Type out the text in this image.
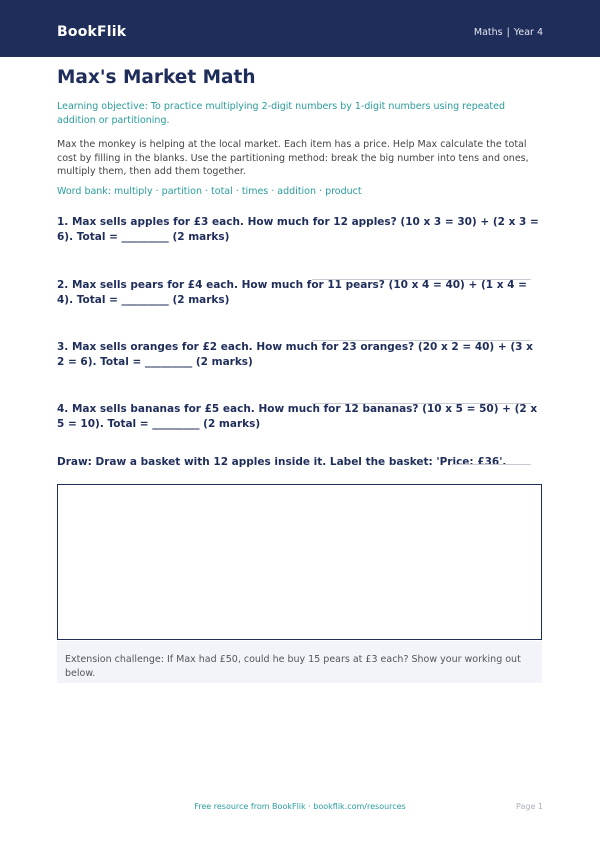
BookFlik	Maths | Year 4
Max's Market Math
Learning objective: To practice multiplying 2-digit numbers by 1-digit numbers using repeated addition or partitioning.
Max the monkey is helping at the local market. Each item has a price. Help Max calculate the total cost by filling in the blanks. Use the partitioning method: break the big number into tens and ones, multiply them, then add them together.
Word bank: multiply · partition · total · times · addition · product
1. Max sells apples for £3 each. How much for 12 apples? (10 x 3 = 30) + (2 x 3 = 6). Total = _________ (2 marks)
2. Max sells pears for £4 each. How much for 11 pears? (10 x 4 = 40) + (1 x 4 = 4). Total = _________ (2 marks)
3. Max sells oranges for £2 each. How much for 23 oranges? (20 x 2 = 40) + (3 x 2 = 6). Total = _________ (2 marks)
4. Max sells bananas for £5 each. How much for 12 bananas? (10 x 5 = 50) + (2 x 5 = 10). Total = _________ (2 marks)
Draw: Draw a basket with 12 apples inside it. Label the basket: 'Price: £36'.
Extension challenge: If Max had £50, could he buy 15 pears at £3 each? Show your working out below.
Free resource from BookFlik · bookflik.com/resources	Page 1
